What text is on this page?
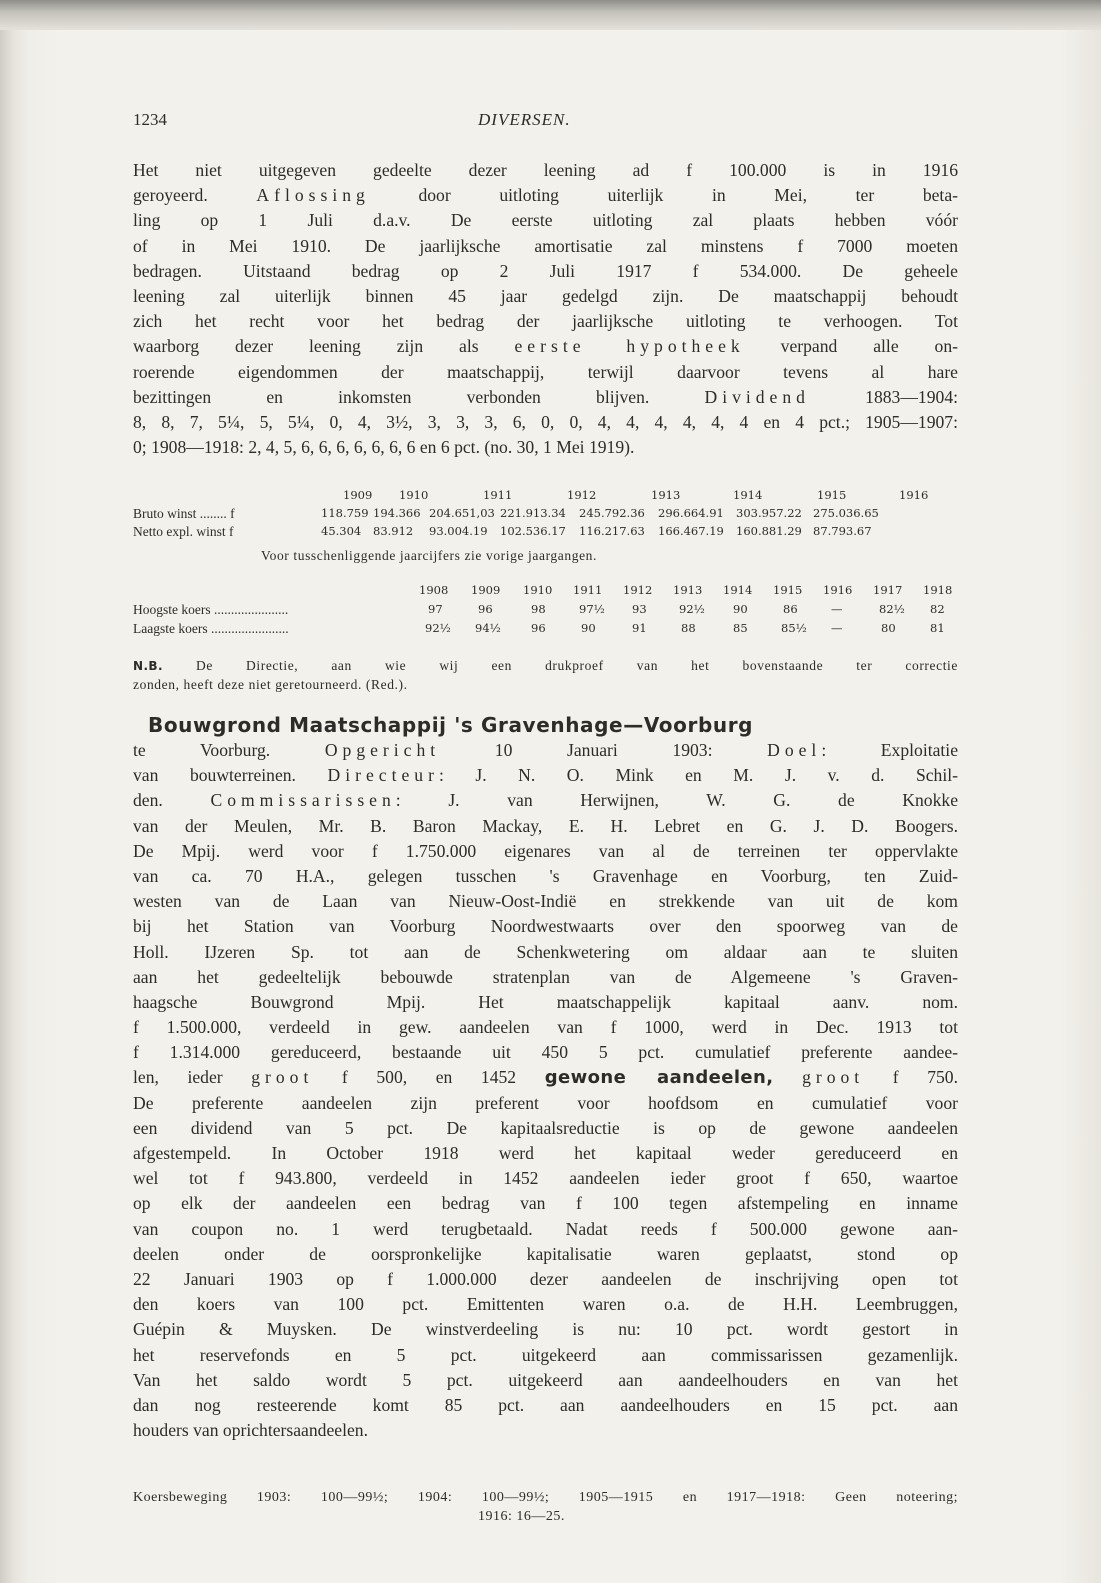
1234	DIVERSEN.
Het niet uitgegeven gedeelte dezer leening ad f 100.000 is in 1916
geroyeerd. Aflossing door uitloting uiterlijk in Mei, ter beta-
ling op 1 Juli d.a.v. De eerste uitloting zal plaats hebben vóór
of in Mei 1910. De jaarlijksche amortisatie zal minstens f 7000 moeten
bedragen. Uitstaand bedrag op 2 Juli 1917 f 534.000. De geheele
leening zal uiterlijk binnen 45 jaar gedelgd zijn. De maatschappij behoudt
zich het recht voor het bedrag der jaarlijksche uitloting te verhoogen. Tot
waarborg dezer leening zijn als eerste hypotheek verpand alle on-
roerende eigendommen der maatschappij, terwijl daarvoor tevens al hare
bezittingen en inkomsten verbonden blijven. Dividend 1883—1904:
8, 8, 7, 5¼, 5, 5¼, 0, 4, 3½, 3, 3, 3, 6, 0, 0, 4, 4, 4, 4, 4, 4 en 4 pct.; 1905—1907:
0; 1908—1918: 2, 4, 5, 6, 6, 6, 6, 6, 6, 6 en 6 pct. (no. 30, 1 Mei 1919).
1909 1910	1911	1912	1913	1914	1915	1916
Bruto winst ........ f	118.759 194.366 204.651,03 221.913.34 245.792.36 296.664.91 303.957.22 275.036.65
Netto expl. winst f	45.304 83.912 93.004.19 102.536.17 116.217.63 166.467.19 160.881.29 87.793.67
Voor tusschenliggende jaarcijfers zie vorige jaargangen.
1908 1909 1910 1911 1912 1913 1914 1915 1916 1917 1918
Hoogste koers ......................	97	96	98	97½ 93	92½ 90	86	—	82½ 82
Laagste koers .......................	92½ 94½	96	90	91	88	85	85½ —	80	81
N.B. De Directie, aan wie wij een drukproef van het bovenstaande ter correctie
zonden, heeft deze niet geretourneerd. (Red.).
Bouwgrond Maatschappij 's Gravenhage—Voorburg
te Voorburg. Opgericht 10 Januari 1903: Doel: Exploitatie
van bouwterreinen. Directeur: J. N. O. Mink en M. J. v. d. Schil-
den. Commissarissen: J. van Herwijnen, W. G. de Knokke
van der Meulen, Mr. B. Baron Mackay, E. H. Lebret en G. J. D. Boogers.
De Mpij. werd voor f 1.750.000 eigenares van al de terreinen ter oppervlakte
van ca. 70 H.A., gelegen tusschen 's Gravenhage en Voorburg, ten Zuid-
westen van de Laan van Nieuw-Oost-Indië en strekkende van uit de kom
bij het Station van Voorburg Noordwestwaarts over den spoorweg van de
Holl. IJzeren Sp. tot aan de Schenkwetering om aldaar aan te sluiten
aan het gedeeltelijk bebouwde stratenplan van de Algemeene 's Graven-
haagsche Bouwgrond Mpij. Het maatschappelijk kapitaal aanv. nom.
f 1.500.000, verdeeld in gew. aandeelen van f 1000, werd in Dec. 1913 tot
f 1.314.000 gereduceerd, bestaande uit 450 5 pct. cumulatief preferente aandee-
len, ieder groot f 500, en 1452 gewone aandeelen, groot f 750.
De preferente aandeelen zijn preferent voor hoofdsom en cumulatief voor
een dividend van 5 pct. De kapitaalsreductie is op de gewone aandeelen
afgestempeld. In October 1918 werd het kapitaal weder gereduceerd en
wel tot f 943.800, verdeeld in 1452 aandeelen ieder groot f 650, waartoe
op elk der aandeelen een bedrag van f 100 tegen afstempeling en inname
van coupon no. 1 werd terugbetaald. Nadat reeds f 500.000 gewone aan-
deelen onder de oorspronkelijke kapitalisatie waren geplaatst, stond op
22 Januari 1903 op f 1.000.000 dezer aandeelen de inschrijving open tot
den koers van 100 pct. Emittenten waren o.a. de H.H. Leembruggen,
Guépin & Muysken. De winstverdeeling is nu: 10 pct. wordt gestort in
het reservefonds en 5 pct. uitgekeerd aan commissarissen gezamenlijk.
Van het saldo wordt 5 pct. uitgekeerd aan aandeelhouders en van het
dan nog resteerende komt 85 pct. aan aandeelhouders en 15 pct. aan
houders van oprichtersaandeelen.
Koersbeweging 1903: 100—99½; 1904: 100—99½; 1905—1915 en 1917—1918: Geen noteering;
1916: 16—25.
